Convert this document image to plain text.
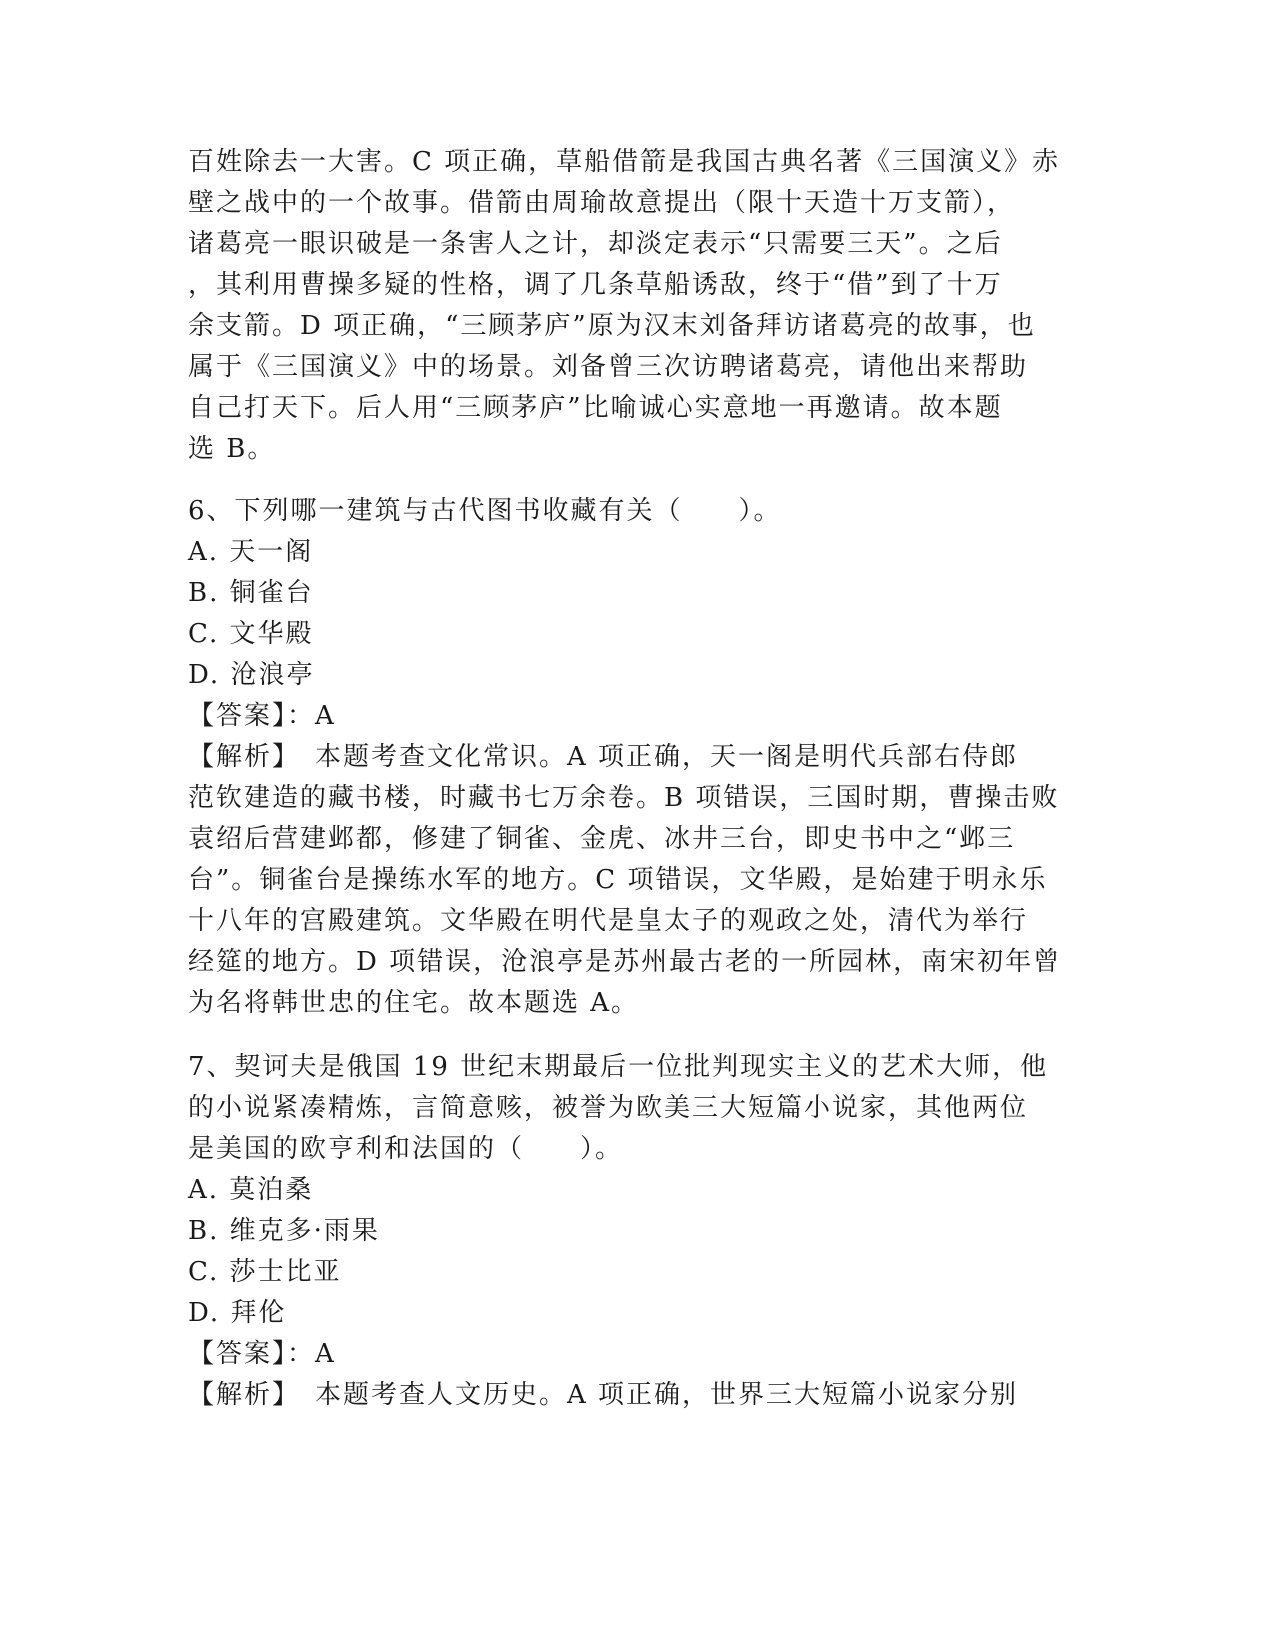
百姓除去一大害。C 项正确，草船借箭是我国古典名著《三国演义》赤
壁之战中的一个故事。借箭由周瑜故意提出（限十天造十万支箭），
诸葛亮一眼识破是一条害人之计，却淡定表示“只需要三天”。之后
，其利用曹操多疑的性格，调了几条草船诱敌，终于“借”到了十万
余支箭。D 项正确，“三顾茅庐”原为汉末刘备拜访诸葛亮的故事，也
属于《三国演义》中的场景。刘备曾三次访聘诸葛亮，请他出来帮助
自己打天下。后人用“三顾茅庐”比喻诚心实意地一再邀请。故本题
选 B。
6、下列哪一建筑与古代图书收藏有关（　　）。
A. 天一阁
B. 铜雀台
C. 文华殿
D. 沧浪亭
【答案】：A
【解析】　本题考查文化常识。A 项正确，天一阁是明代兵部右侍郎
范钦建造的藏书楼，时藏书七万余卷。B 项错误，三国时期，曹操击败
袁绍后营建邺都，修建了铜雀、金虎、冰井三台，即史书中之“邺三
台”。铜雀台是操练水军的地方。C 项错误，文华殿，是始建于明永乐
十八年的宫殿建筑。文华殿在明代是皇太子的观政之处，清代为举行
经筵的地方。D 项错误，沧浪亭是苏州最古老的一所园林，南宋初年曾
为名将韩世忠的住宅。故本题选 A。
7、契诃夫是俄国 19 世纪末期最后一位批判现实主义的艺术大师，他
的小说紧凑精炼，言简意赅，被誉为欧美三大短篇小说家，其他两位
是美国的欧亨利和法国的（　　）。
A. 莫泊桑
B. 维克多·雨果
C. 莎士比亚
D. 拜伦
【答案】：A
【解析】　本题考查人文历史。A 项正确，世界三大短篇小说家分别
